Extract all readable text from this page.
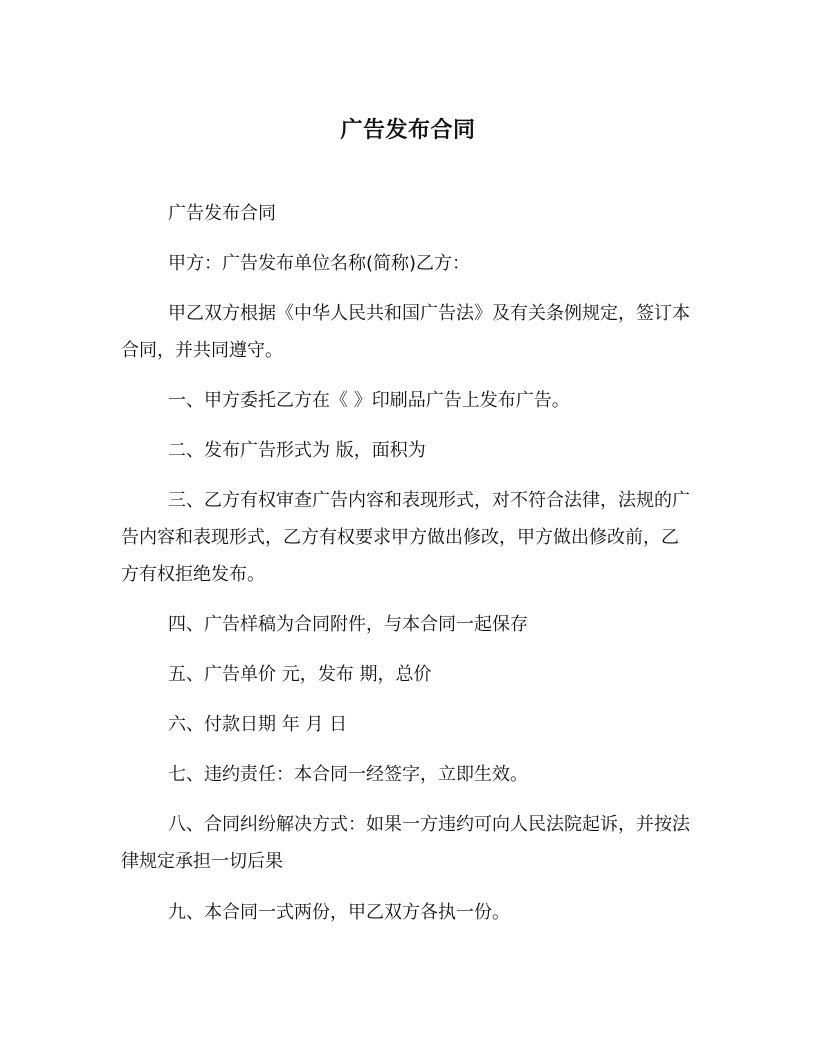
广告发布合同

广告发布合同

甲方：广告发布单位名称(简称)乙方：

甲乙双方根据《中华人民共和国广告法》及有关条例规定，签订本合同，并共同遵守。

一、甲方委托乙方在《 》印刷品广告上发布广告。

二、发布广告形式为 版，面积为

三、乙方有权审查广告内容和表现形式，对不符合法律，法规的广告内容和表现形式，乙方有权要求甲方做出修改，甲方做出修改前，乙方有权拒绝发布。

四、广告样稿为合同附件，与本合同一起保存

五、广告单价 元，发布 期，总价

六、付款日期 年 月 日

七、违约责任：本合同一经签字，立即生效。

八、合同纠纷解决方式：如果一方违约可向人民法院起诉，并按法律规定承担一切后果

九、本合同一式两份，甲乙双方各执一份。
